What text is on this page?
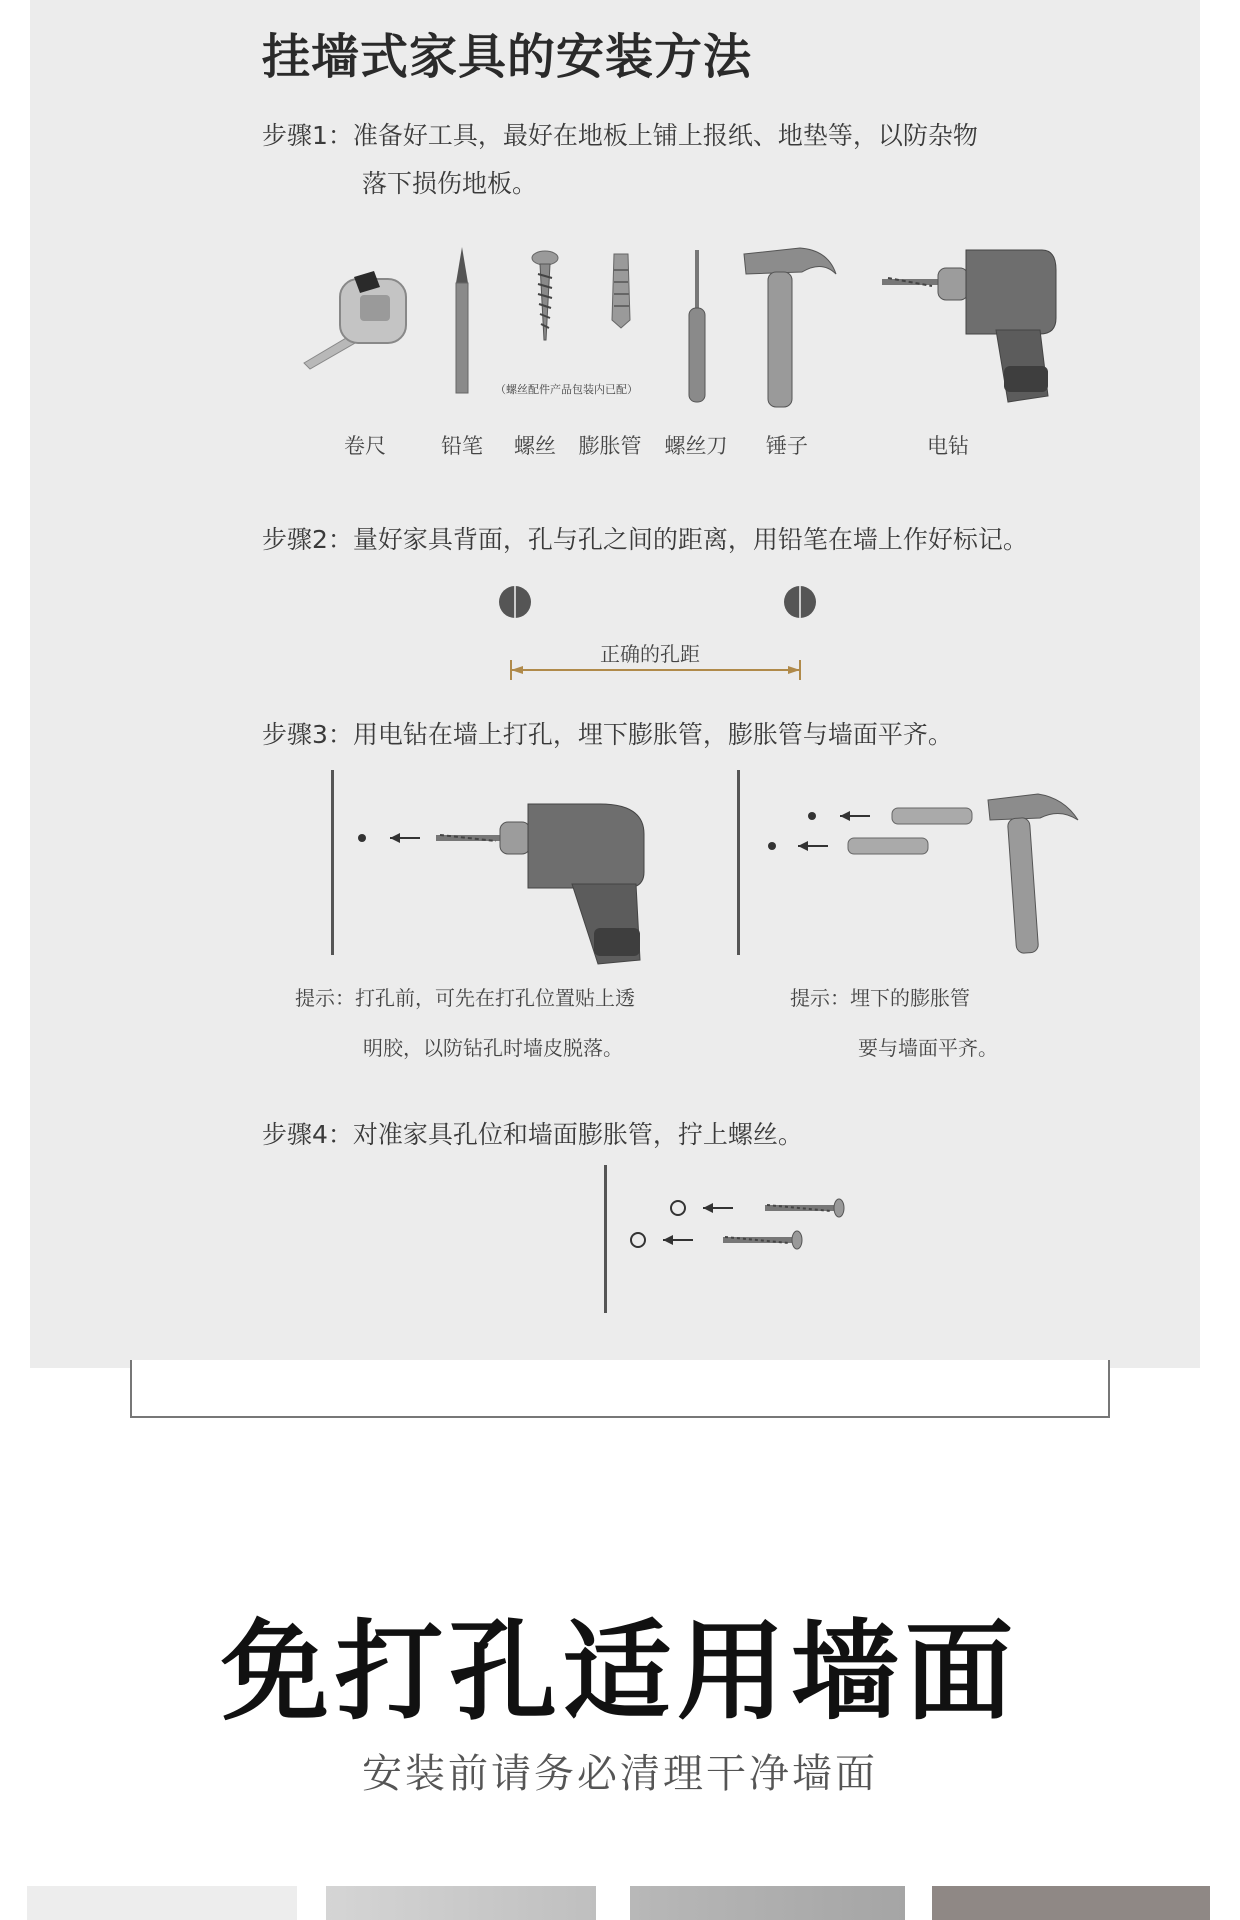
挂墙式家具的安装方法
步骤1：准备好工具，最好在地板上铺上报纸、地垫等，以防杂物
落下损伤地板。
（螺丝配件产品包装内已配）
卷尺	铅笔	螺丝	膨胀管	螺丝刀	锤子	电钻
步骤2：量好家具背面，孔与孔之间的距离，用铅笔在墙上作好标记。
正确的孔距
步骤3：用电钻在墙上打孔，埋下膨胀管，膨胀管与墙面平齐。
提示：打孔前，可先在打孔位置贴上透
明胶，以防钻孔时墙皮脱落。
提示：埋下的膨胀管
要与墙面平齐。
步骤4：对准家具孔位和墙面膨胀管，拧上螺丝。
免打孔适用墙面
安装前请务必清理干净墙面
